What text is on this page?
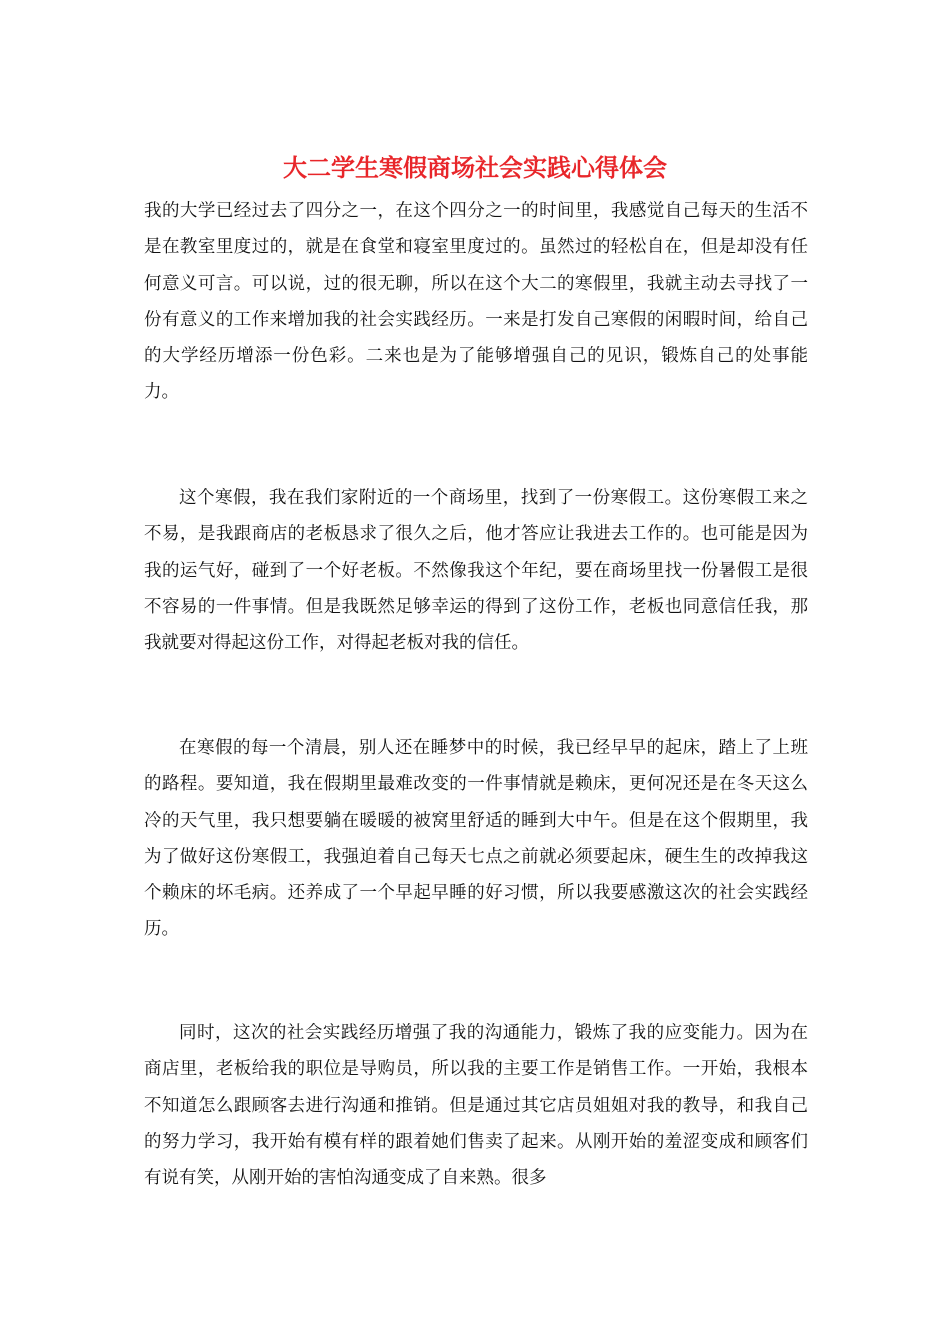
大二学生寒假商场社会实践心得体会

我的大学已经过去了四分之一，在这个四分之一的时间里，我感觉自己每天的生活不是在教室里度过的，就是在食堂和寝室里度过的。虽然过的轻松自在，但是却没有任何意义可言。可以说，过的很无聊，所以在这个大二的寒假里，我就主动去寻找了一份有意义的工作来增加我的社会实践经历。一来是打发自己寒假的闲暇时间，给自己的大学经历增添一份色彩。二来也是为了能够增强自己的见识，锻炼自己的处事能力。

这个寒假，我在我们家附近的一个商场里，找到了一份寒假工。这份寒假工来之不易，是我跟商店的老板恳求了很久之后，他才答应让我进去工作的。也可能是因为我的运气好，碰到了一个好老板。不然像我这个年纪，要在商场里找一份暑假工是很不容易的一件事情。但是我既然足够幸运的得到了这份工作，老板也同意信任我，那我就要对得起这份工作，对得起老板对我的信任。

在寒假的每一个清晨，别人还在睡梦中的时候，我已经早早的起床，踏上了上班的路程。要知道，我在假期里最难改变的一件事情就是赖床，更何况还是在冬天这么冷的天气里，我只想要躺在暖暖的被窝里舒适的睡到大中午。但是在这个假期里，我为了做好这份寒假工，我强迫着自己每天七点之前就必须要起床，硬生生的改掉我这个赖床的坏毛病。还养成了一个早起早睡的好习惯，所以我要感激这次的社会实践经历。

同时，这次的社会实践经历增强了我的沟通能力，锻炼了我的应变能力。因为在商店里，老板给我的职位是导购员，所以我的主要工作是销售工作。一开始，我根本不知道怎么跟顾客去进行沟通和推销。但是通过其它店员姐姐对我的教导，和我自己的努力学习，我开始有模有样的跟着她们售卖了起来。从刚开始的羞涩变成和顾客们有说有笑，从刚开始的害怕沟通变成了自来熟。很多
